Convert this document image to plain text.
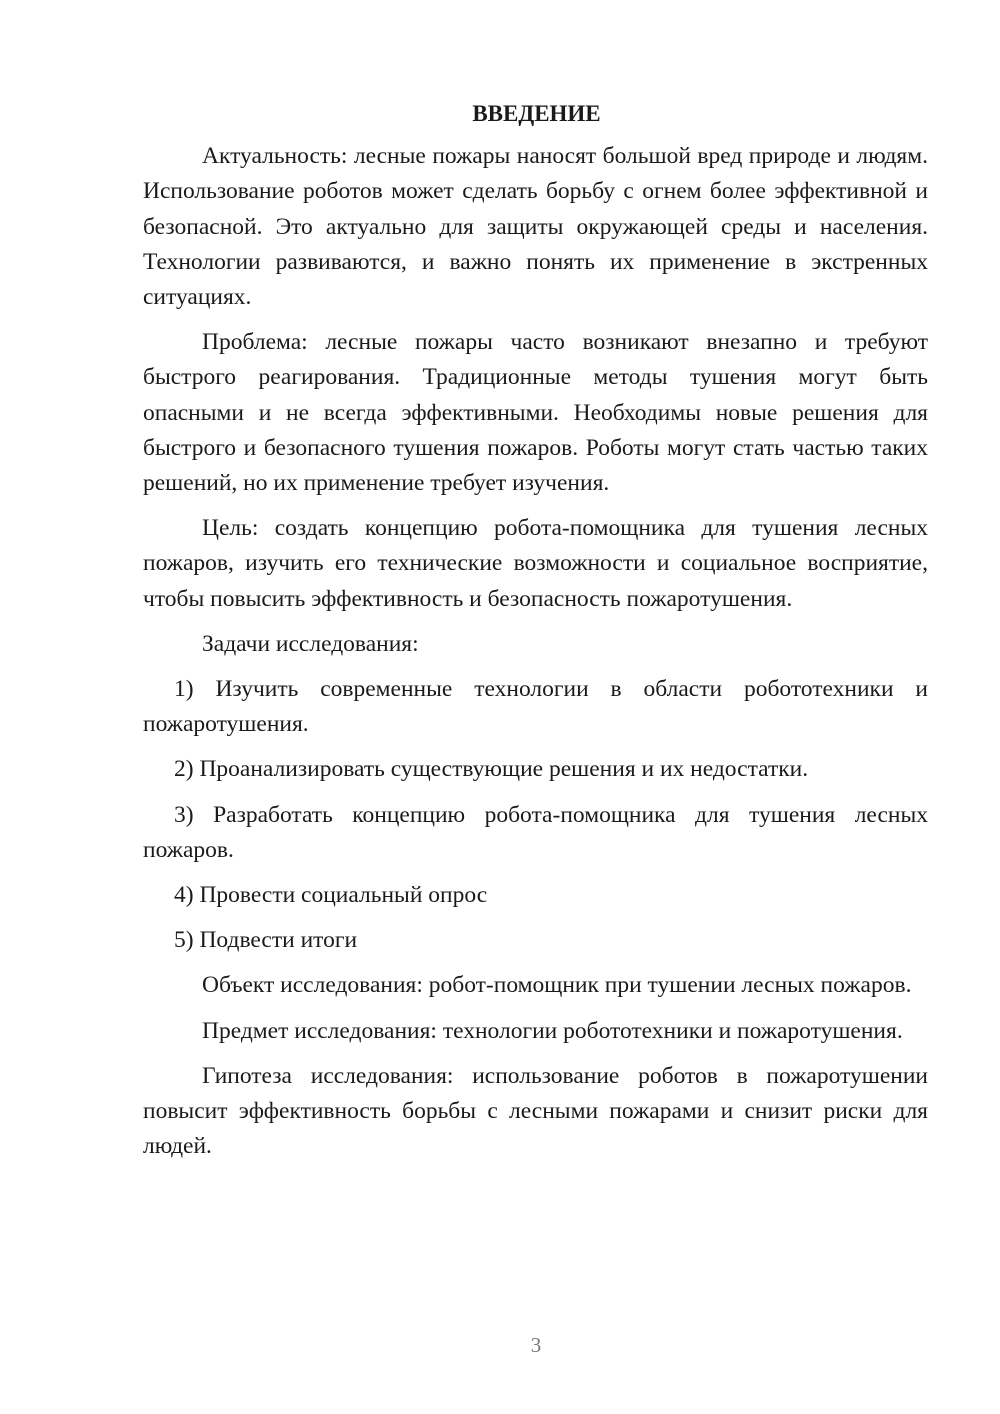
ВВЕДЕНИЕ

Актуальность: лесные пожары наносят большой вред природе и людям. Использование роботов может сделать борьбу с огнем более эффективной и безопасной. Это актуально для защиты окружающей среды и населения. Технологии развиваются, и важно понять их применение в экстренных ситуациях.

Проблема: лесные пожары часто возникают внезапно и требуют быстрого реагирования. Традиционные методы тушения могут быть опасными и не всегда эффективными. Необходимы новые решения для быстрого и безопасного тушения пожаров. Роботы могут стать частью таких решений, но их применение требует изучения.

Цель: создать концепцию робота-помощника для тушения лесных пожаров, изучить его технические возможности и социальное восприятие, чтобы повысить эффективность и безопасность пожаротушения.

Задачи исследования:

1) Изучить современные технологии в области робототехники и пожаротушения.

2) Проанализировать существующие решения и их недостатки.

3) Разработать концепцию робота-помощника для тушения лесных пожаров.

4) Провести социальный опрос

5) Подвести итоги

Объект исследования: робот-помощник при тушении лесных пожаров.

Предмет исследования: технологии робототехники и пожаротушения.

Гипотеза исследования: использование роботов в пожаротушении повысит эффективность борьбы с лесными пожарами и снизит риски для людей.

3
